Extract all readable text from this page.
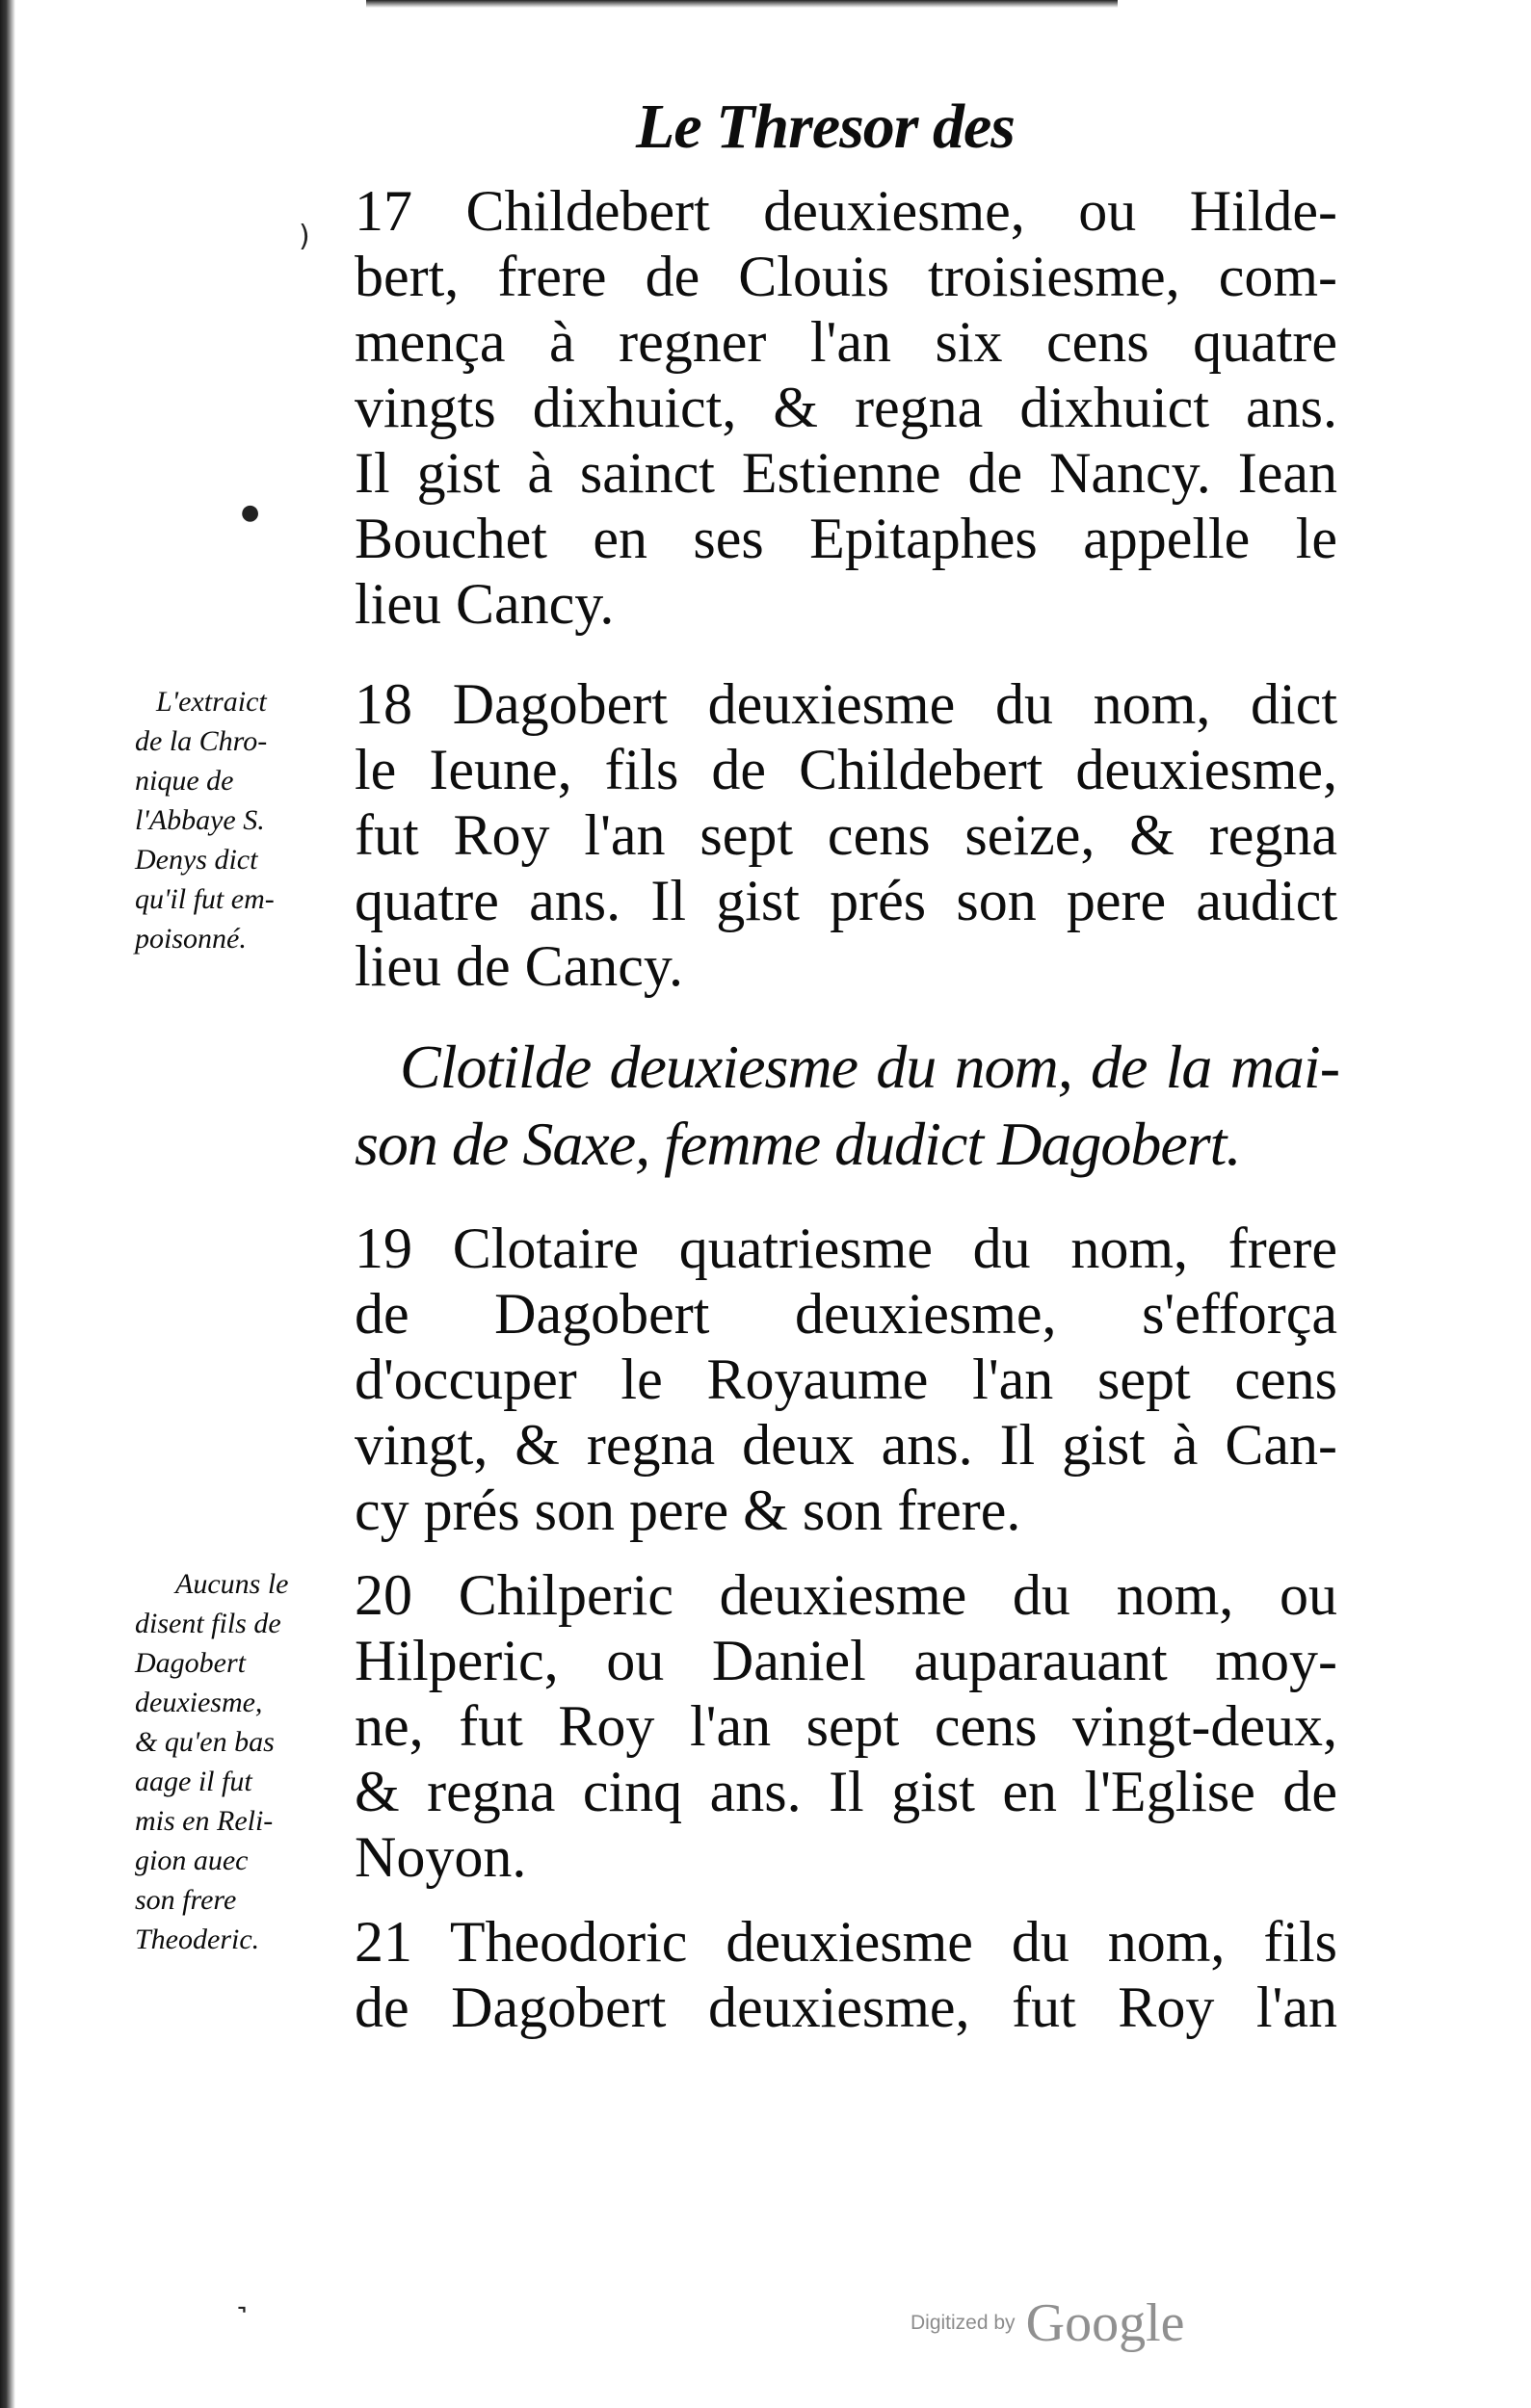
Le Thresor des
17 Childebert deuxiesme, ou Hilde-
bert, frere de Clouis troisiesme, com-
mença à regner l'an six cens quatre
vingts dixhuict, & regna dixhuict ans.
Il gist à sainct Estienne de Nancy. Iean
Bouchet en ses Epitaphes appelle le
lieu Cancy.
18 Dagobert deuxiesme du nom, dict
le Ieune, fils de Childebert deuxiesme,
fut Roy l'an sept cens seize, & regna
quatre ans. Il gist prés son pere audict
lieu de Cancy.
Clotilde deuxiesme du nom, de la mai-
son de Saxe, femme dudict Dagobert.
19 Clotaire quatriesme du nom, frere
de Dagobert deuxiesme, s'efforça
d'occuper le Royaume l'an sept cens
vingt, & regna deux ans. Il gist à Can-
cy prés son pere & son frere.
20 Chilperic deuxiesme du nom, ou
Hilperic, ou Daniel auparauant moy-
ne, fut Roy l'an sept cens vingt-deux,
& regna cinq ans. Il gist en l'Eglise de
Noyon.
21 Theodoric deuxiesme du nom, fils
de Dagobert deuxiesme, fut Roy l'an
L'extraict
de la Chro-
nique de
l'Abbaye S.
Denys dict
qu'il fut em-
poisonné.
Aucuns le
disent fils de
Dagobert
deuxiesme,
& qu'en bas
aage il fut
mis en Reli-
gion auec
son frere
Theoderic.
●
)
˺	Digitized by Google
